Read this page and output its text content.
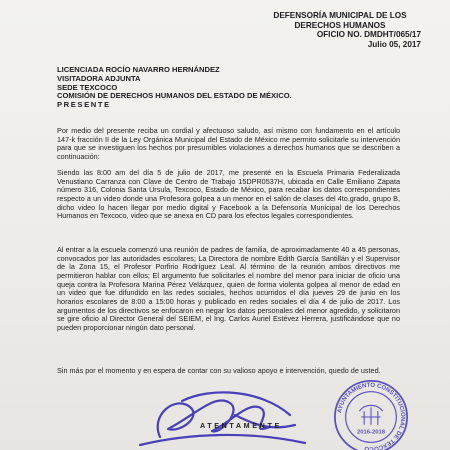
DEFENSORÍA MUNICIPAL DE LOS
DERECHOS HUMANOS
OFICIO NO. DMDHT/065/17
Julio 05, 2017
LICENCIADA ROCÍO NAVARRO HERNÁNDEZ
VISITADORA ADJUNTA
SEDE TEXCOCO
COMISIÓN DE DERECHOS HUMANOS DEL ESTADO DE MÉXICO.
PRESENTE
Por medio del presente reciba un cordial y afectuoso saludo, así mismo con fundamento en el artículo 147-k fracción II de la Ley Orgánica Municipal del Estado de México me permito solicitarle su intervención para que se investiguen los hechos por presumibles violaciones a derechos humanos que se describen a continuación:
Siendo las 8:00 am del día 5 de julio de 2017, me presenté en la Escuela Primaria Federalizada Venustiano Carranza con Clave de Centro de Trabajo 15DPR0537H, ubicada en Calle Emiliano Zapata número 316, Colonia Santa Úrsula, Texcoco, Estado de México, para recabar los datos correspondientes respecto a un video donde una Profesora golpea a un menor en el salón de clases del 4to.grado, grupo B, dicho video lo hacen llegar por medio digital y Facebook a la Defensoría Municipal de los Derechos Humanos en Texcoco, video que se anexa en CD para los efectos legales correspondientes.
Al entrar a la escuela comenzó una reunión de padres de familia, de aproximadamente 40 a 45 personas, convocados por las autoridades escolares; La Directora de nombre Edith García Santillán y el Supervisor de la Zona 15, el Profesor Porfirio Rodríguez Leal. Al término de la reunión ambos directivos me permitieron hablar con ellos; El argumento fue solicitarles el nombre del menor para iniciar de oficio una queja contra la Profesora Marina Pérez Velázquez, quien de forma violenta golpea al menor de edad en un video que fue difundido en las redes sociales, hechos ocurridos el día jueves 29 de junio en los horarios escolares de 8:00 a 15:00 horas y publicado en redes sociales el día 4 de julio de 2017. Los argumentos de los directivos se enfocaron en negar los datos personales del menor agredido, y solicitaron se gire oficio al Director General del SEIEM, el Ing. Carlos Auriel Estévez Herrera, justificándose que no pueden proporcionar ningún dato personal.
Sin más por el momento y en espera de contar con su valioso apoyo e intervención, quedo de usted.
ATENTAMENTE
AYUNTAMIENTO CONSTITUCIONAL DE TEXCOCO
2016-2018
